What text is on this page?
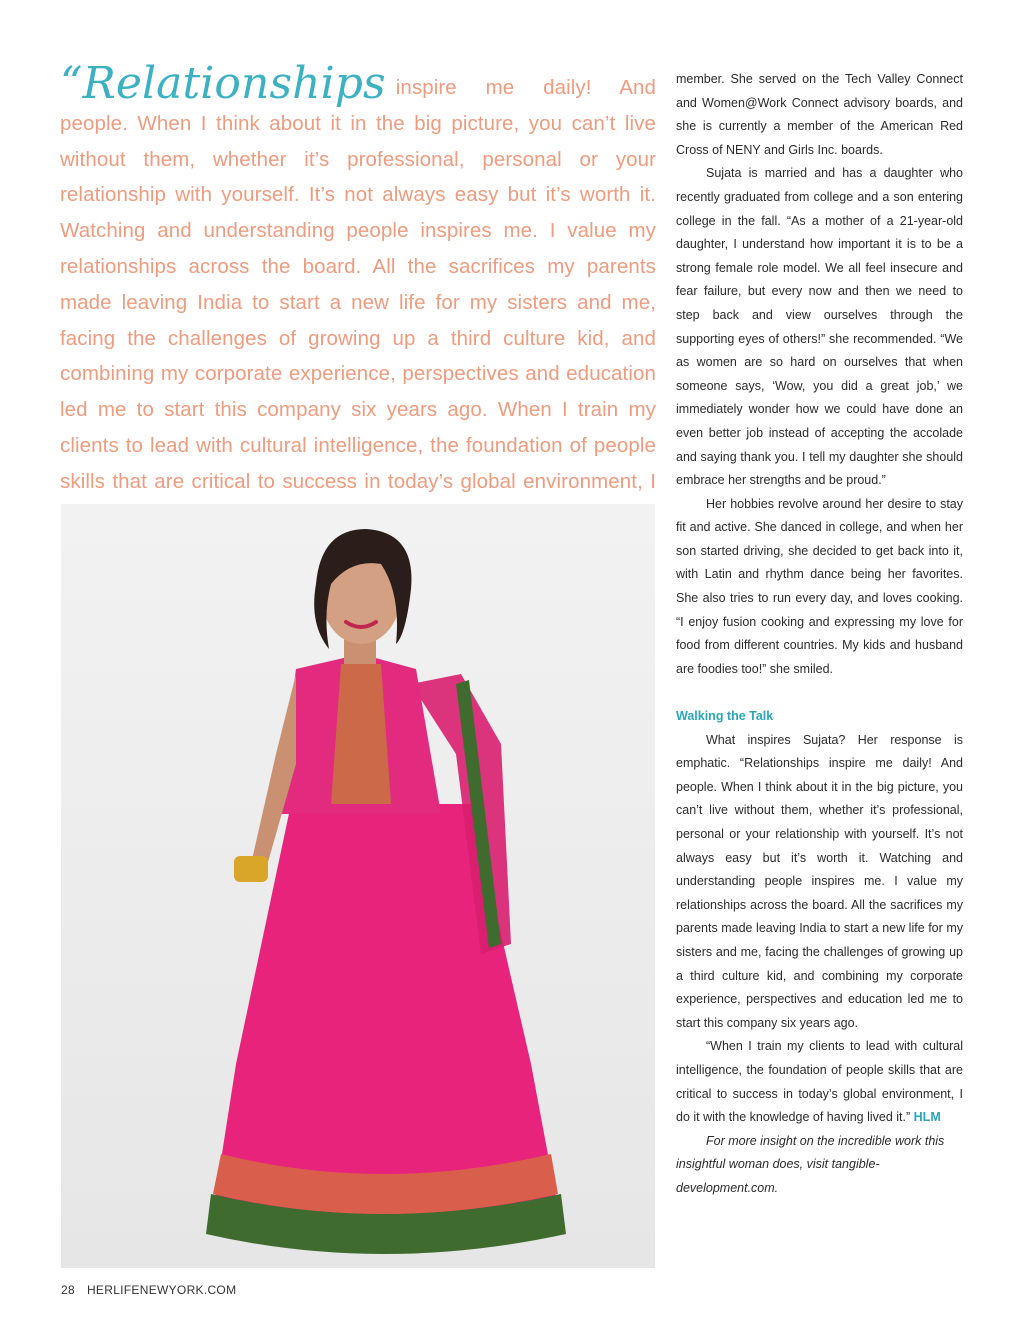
“Relationships inspire me daily! And people. When I think about it in the big picture, you can’t live without them, whether it’s professional, personal or your relationship with yourself. It’s not always easy but it’s worth it. Watching and understanding people inspires me. I value my relationships across the board. All the sacrifices my parents made leaving India to start a new life for my sisters and me, facing the challenges of growing up a third culture kid, and combining my corporate experience, perspectives and education led me to start this company six years ago. When I train my clients to lead with cultural intelligence, the foundation of people skills that are critical to success in today’s global environment, I

member. She served on the Tech Valley Connect and Women@Work Connect advisory boards, and she is currently a member of the American Red Cross of NENY and Girls Inc. boards.

Sujata is married and has a daughter who recently graduated from college and a son entering college in the fall. “As a mother of a 21-year-old daughter, I understand how important it is to be a strong female role model. We all feel insecure and fear failure, but every now and then we need to step back and view ourselves through the supporting eyes of others!” she recommended. “We as women are so hard on ourselves that when someone says, ‘Wow, you did a great job,’ we immediately wonder how we could have done an even better job instead of accepting the accolade and saying thank you. I tell my daughter she should embrace her strengths and be proud.”

Her hobbies revolve around her desire to stay fit and active. She danced in college, and when her son started driving, she decided to get back into it, with Latin and rhythm dance being her favorites. She also tries to run every day, and loves cooking. “I enjoy fusion cooking and expressing my love for food from different countries. My kids and husband are foodies too!” she smiled.

Walking the Talk

What inspires Sujata? Her response is emphatic. “Relationships inspire me daily! And people. When I think about it in the big picture, you can’t live without them, whether it’s professional, personal or your relationship with yourself. It’s not always easy but it’s worth it. Watching and understanding people inspires me. I value my relationships across the board. All the sacrifices my parents made leaving India to start a new life for my sisters and me, facing the challenges of growing up a third culture kid, and combining my corporate experience, perspectives and education led me to start this company six years ago.

“When I train my clients to lead with cultural intelligence, the foundation of people skills that are critical to success in today’s global environment, I do it with the knowledge of having lived it.” HLM

For more insight on the incredible work this insightful woman does, visit tangible-development.com.

28 HERLIFENEWYORK.COM
